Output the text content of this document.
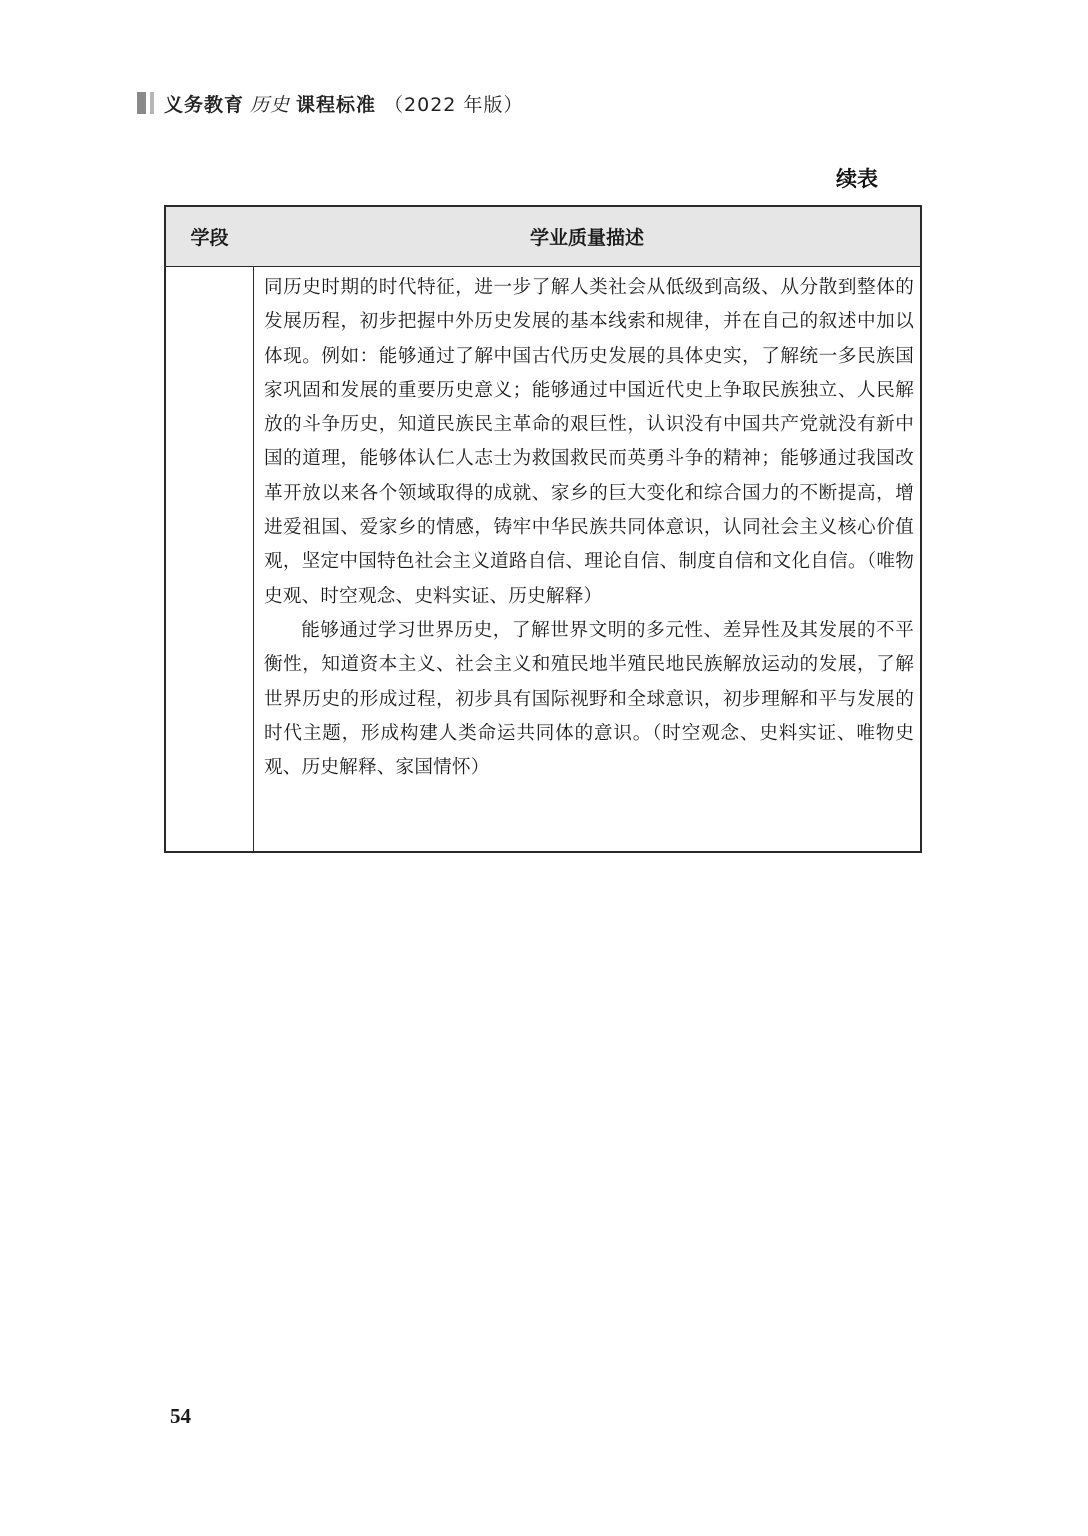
义务教育 历史 课程标准 （2022 年版）
续表
学段	学业质量描述

同历史时期的时代特征，进一步了解人类社会从低级到高级、从分散到整体的发展历程，初步把握中外历史发展的基本线索和规律，并在自己的叙述中加以体现。例如：能够通过了解中国古代历史发展的具体史实，了解统一多民族国家巩固和发展的重要历史意义；能够通过中国近代史上争取民族独立、人民解放的斗争历史，知道民族民主革命的艰巨性，认识没有中国共产党就没有新中国的道理，能够体认仁人志士为救国救民而英勇斗争的精神；能够通过我国改革开放以来各个领域取得的成就、家乡的巨大变化和综合国力的不断提高，增进爱祖国、爱家乡的情感，铸牢中华民族共同体意识，认同社会主义核心价值观，坚定中国特色社会主义道路自信、理论自信、制度自信和文化自信。（唯物史观、时空观念、史料实证、历史解释）

能够通过学习世界历史，了解世界文明的多元性、差异性及其发展的不平衡性，知道资本主义、社会主义和殖民地半殖民地民族解放运动的发展，了解世界历史的形成过程，初步具有国际视野和全球意识，初步理解和平与发展的时代主题，形成构建人类命运共同体的意识。（时空观念、史料实证、唯物史观、历史解释、家国情怀）

54
